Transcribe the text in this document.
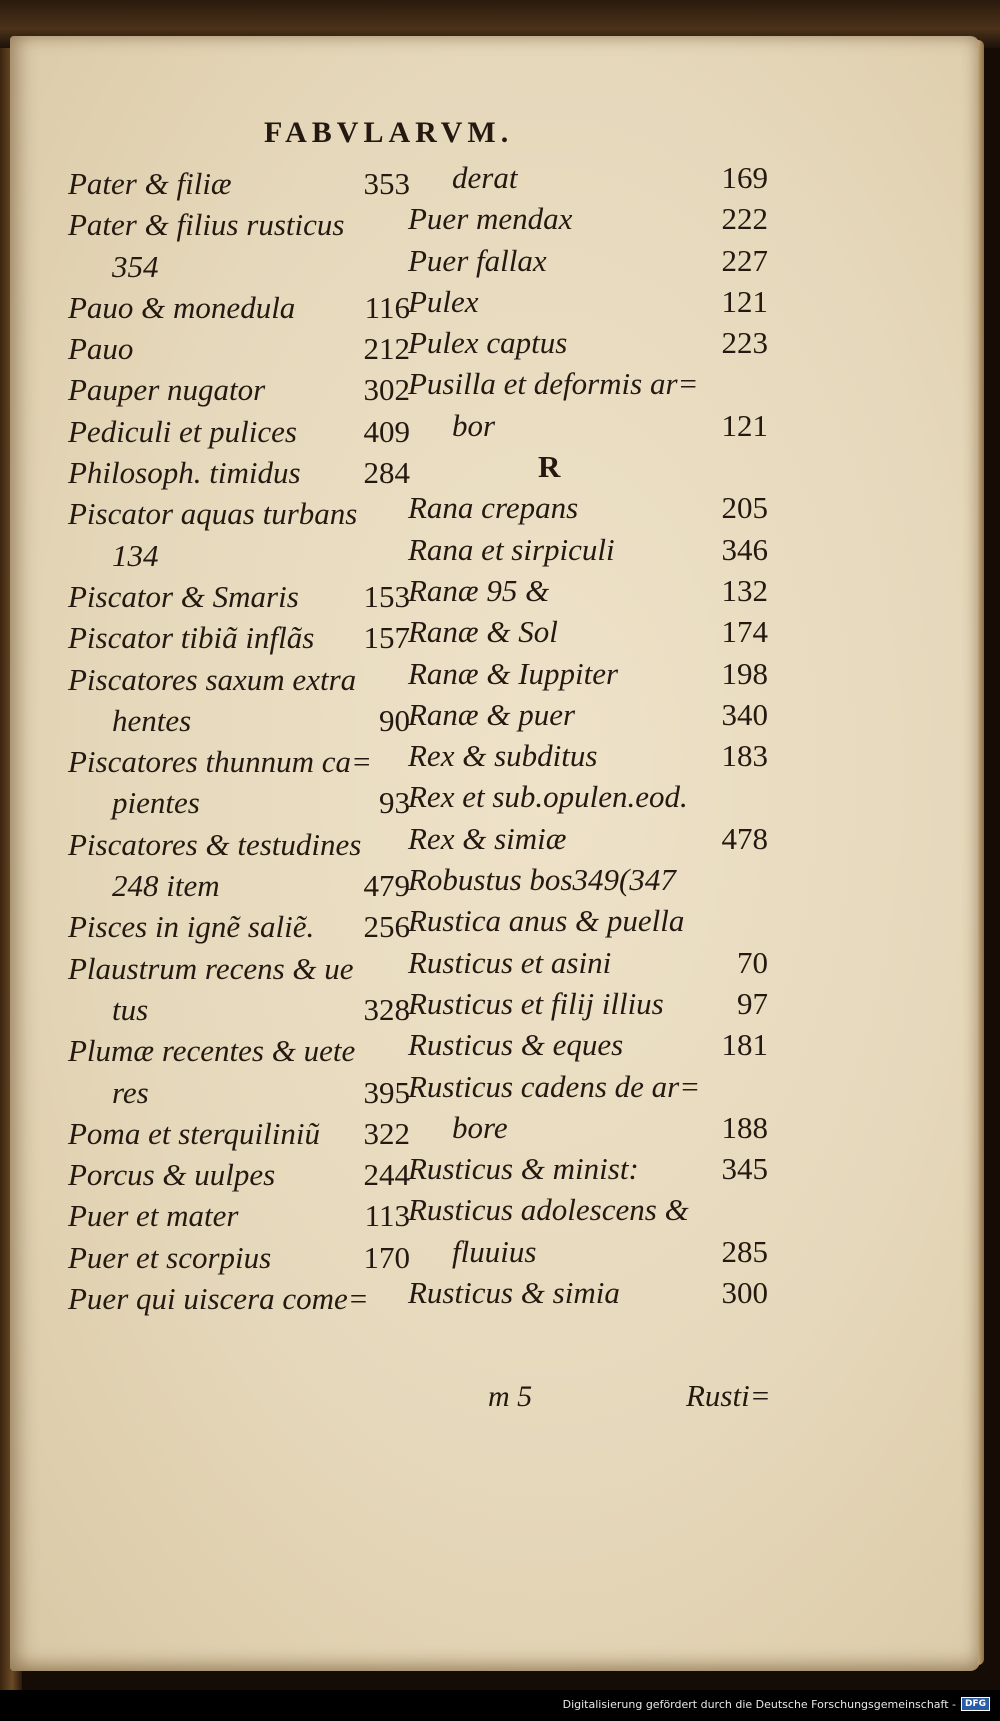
FABVLARVM.
Pater & filiæ	353
Pater & filius rusticus
354
Pauo & monedula 116
Pauo	212
Pauper nugator	302
Pediculi et pulices 409
Philosoph. timidus 284
Piscator aquas turbans
134
Piscator & Smaris 153
Piscator tibiã inflãs 157
Piscatores saxum extra
hentes	90
Piscatores thunnum ca=
pientes	93
Piscatores & testudines
248 item	479
Pisces in ignẽ saliẽ. 256
Plaustrum recens & ue
tus	328
Plumæ recentes & uete
res	395
Poma et sterquiliniũ 322
Porcus & uulpes	244
Puer et mater	113
Puer et scorpius	170
Puer qui uiscera come=
derat	169
Puer mendax	222
Puer fallax	227
Pulex	121
Pulex captus	223
Pusilla et deformis ar=
bor	121
R
Rana crepans	205
Rana et sirpiculi	346
Ranæ 95 &	132
Ranæ & Sol	174
Ranæ & Iuppiter	198
Ranæ & puer	340
Rex & subditus	183
Rex et sub.opulen.eod.
Rex & simiæ	478
Robustus bos349(347
Rustica anus & puella
Rusticus et asini	70
Rusticus et filij illius 97
Rusticus & eques	181
Rusticus cadens de ar=
bore	188
Rusticus & minist:	345
Rusticus adolescens &
fluuius	285
Rusticus & simia	300
m 5	Rusti=
Digitalisierung gefördert durch die Deutsche Forschungsgemeinschaft -	DFG
